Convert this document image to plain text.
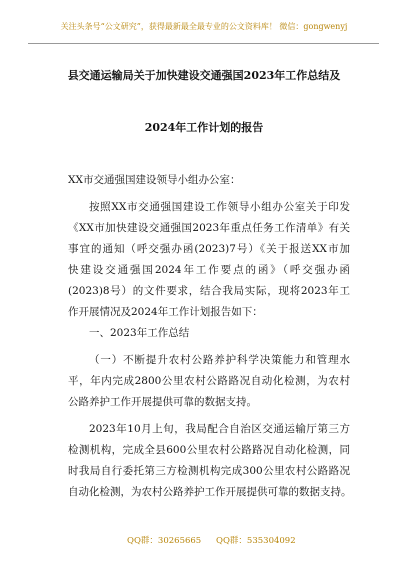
关注头条号“公文研究”，获得最新最全最专业的公文资料库！ 微信：gongwenyj
县交通运输局关于加快建设交通强国2023年工作总结及
2024年工作计划的报告
XX市交通强国建设领导小组办公室：
按照XX市交通强国建设工作领导小组办公室关于印发
《XX市加快建设交通强国2023年重点任务工作清单》有关
事宜的通知（呼交强办函(2023)7号）《关于报送XX市加
快建设交通强国2024年工作要点的函》（呼交强办函
(2023)8号）的文件要求，结合我局实际，现将2023年工
作开展情况及2024年工作计划报告如下：
一、2023年工作总结
（一）不断提升农村公路养护科学决策能力和管理水
平，年内完成2800公里农村公路路况自动化检测，为农村
公路养护工作开展提供可靠的数据支持。
2023年10月上旬，我局配合自治区交通运输厅第三方
检测机构，完成全县600公里农村公路路况自动化检测，同
时我局自行委托第三方检测机构完成300公里农村公路路况
自动化检测，为农村公路养护工作开展提供可靠的数据支持。
QQ群：30265665 QQ群：535304092
